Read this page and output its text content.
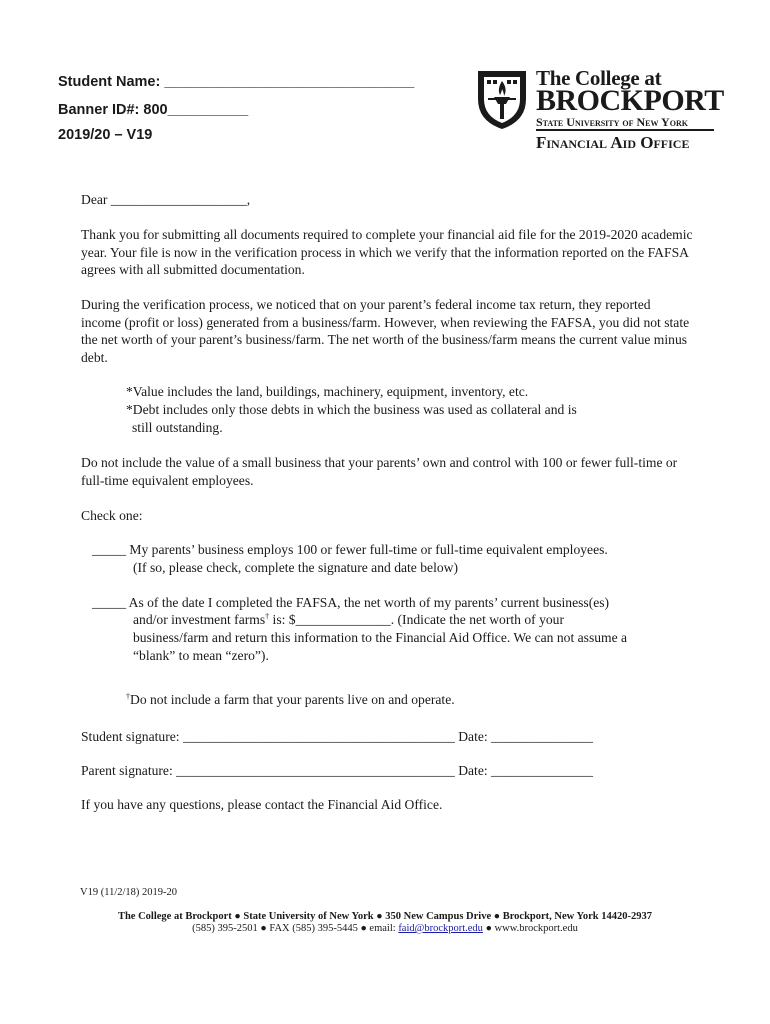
Student Name: _______________________________
Banner ID#: 800__________
2019/20 – V19
The College at
BROCKPORT
State University of New York
Financial Aid Office
Dear ____________________,
Thank you for submitting all documents required to complete your financial aid file for the 2019-2020 academic year. Your file is now in the verification process in which we verify that the information reported on the FAFSA agrees with all submitted documentation.
During the verification process, we noticed that on your parent’s federal income tax return, they reported income (profit or loss) generated from a business/farm. However, when reviewing the FAFSA, you did not state the net worth of your parent’s business/farm. The net worth of the business/farm means the current value minus debt.
*Value includes the land, buildings, machinery, equipment, inventory, etc.
*Debt includes only those debts in which the business was used as collateral and is
still outstanding.
Do not include the value of a small business that your parents’ own and control with 100 or fewer full-time or full-time equivalent employees.
Check one:
_____ My parents’ business employs 100 or fewer full-time or full-time equivalent employees.
(If so, please check, complete the signature and date below)
_____ As of the date I completed the FAFSA, the net worth of my parents’ current business(es)
and/or investment farms† is: $______________. (Indicate the net worth of your
business/farm and return this information to the Financial Aid Office. We can not assume a
“blank” to mean “zero”).
†Do not include a farm that your parents live on and operate.
Student signature: ________________________________________ Date: _______________
Parent signature: _________________________________________ Date: _______________
If you have any questions, please contact the Financial Aid Office.
V19 (11/2/18) 2019-20
The College at Brockport ● State University of New York ● 350 New Campus Drive ● Brockport, New York 14420-2937
(585) 395-2501 ● FAX (585) 395-5445 ● email: faid@brockport.edu ● www.brockport.edu
